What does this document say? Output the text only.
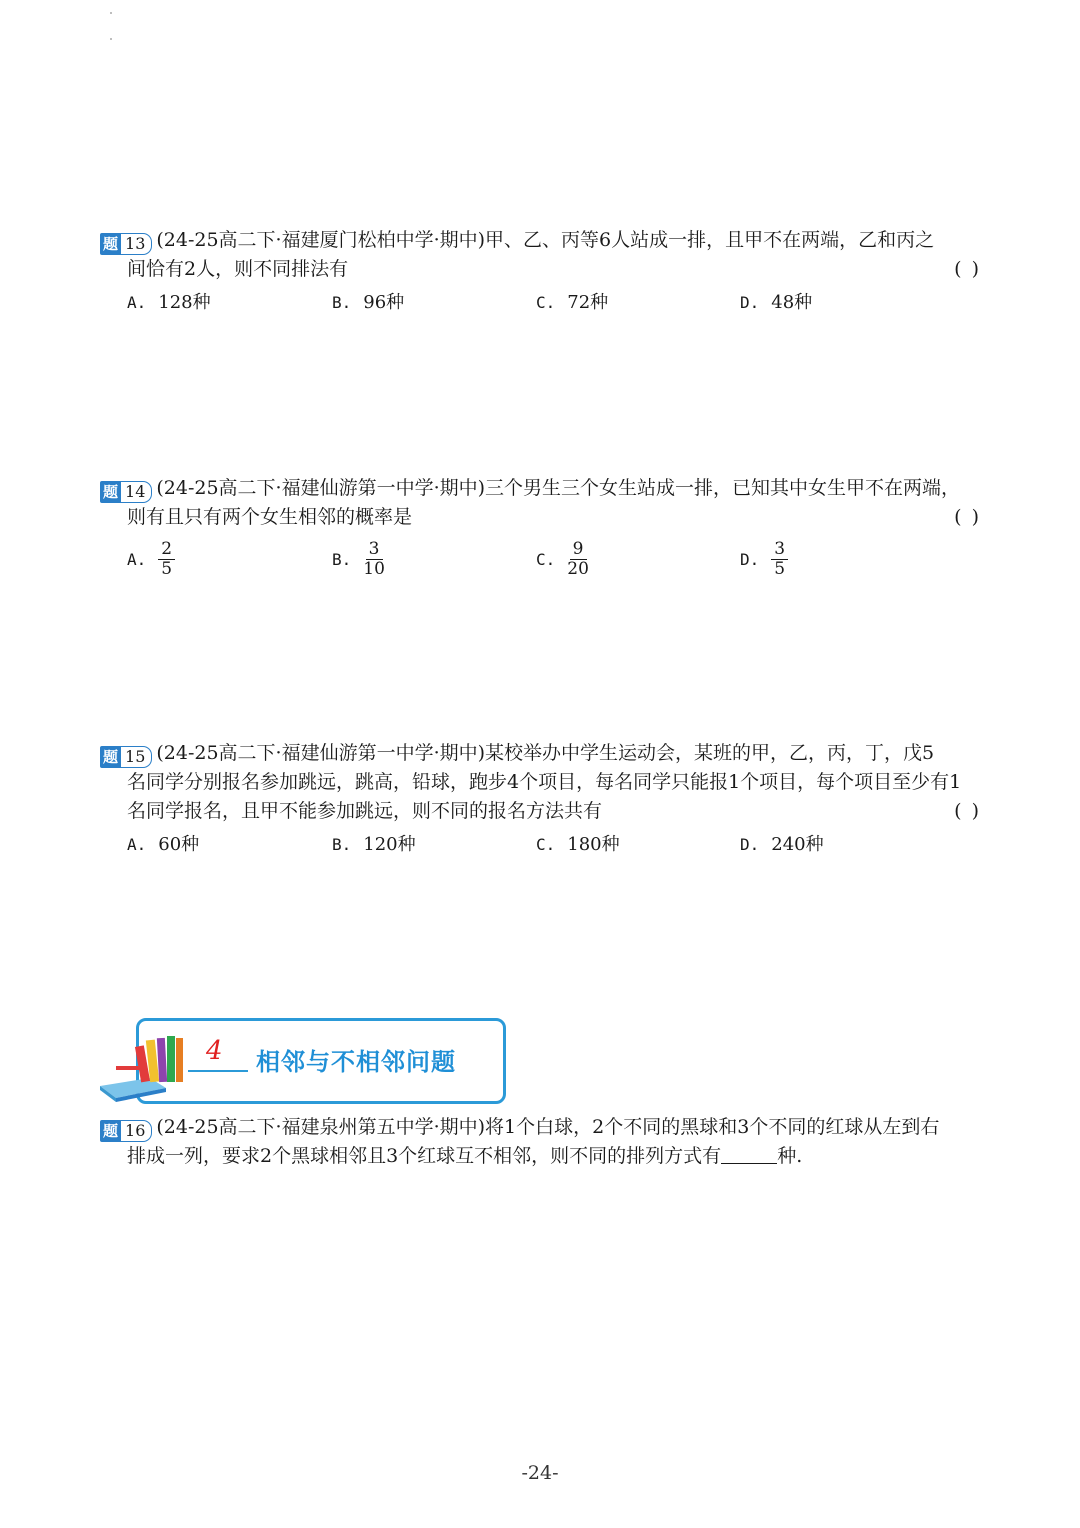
题 13 (24-25高二下·福建厦门松柏中学·期中)甲、乙、丙等6人站成一排，且甲不在两端，乙和丙之
间恰有2人，则不同排法有	( )
A. 128种	B. 96种	C. 72种	D. 48种
题 14 (24-25高二下·福建仙游第一中学·期中)三个男生三个女生站成一排，已知其中女生甲不在两端，
则有且只有两个女生相邻的概率是	( )
A. $\frac{2}{5}$	B. $\frac{3}{10}$	C. $\frac{9}{20}$	D. $\frac{3}{5}$
题 15 (24-25高二下·福建仙游第一中学·期中)某校举办中学生运动会，某班的甲，乙，丙，丁，戊5
名同学分别报名参加跳远，跳高，铅球，跑步4个项目，每名同学只能报1个项目，每个项目至少有1
名同学报名，且甲不能参加跳远，则不同的报名方法共有	( )
A. 60种	B. 120种	C. 180种	D. 240种
4 相邻与不相邻问题
题 16 (24-25高二下·福建泉州第五中学·期中)将1个白球，2个不同的黑球和3个不同的红球从左到右
排成一列，要求2个黑球相邻且3个红球互不相邻，则不同的排列方式有	种.
-24-
